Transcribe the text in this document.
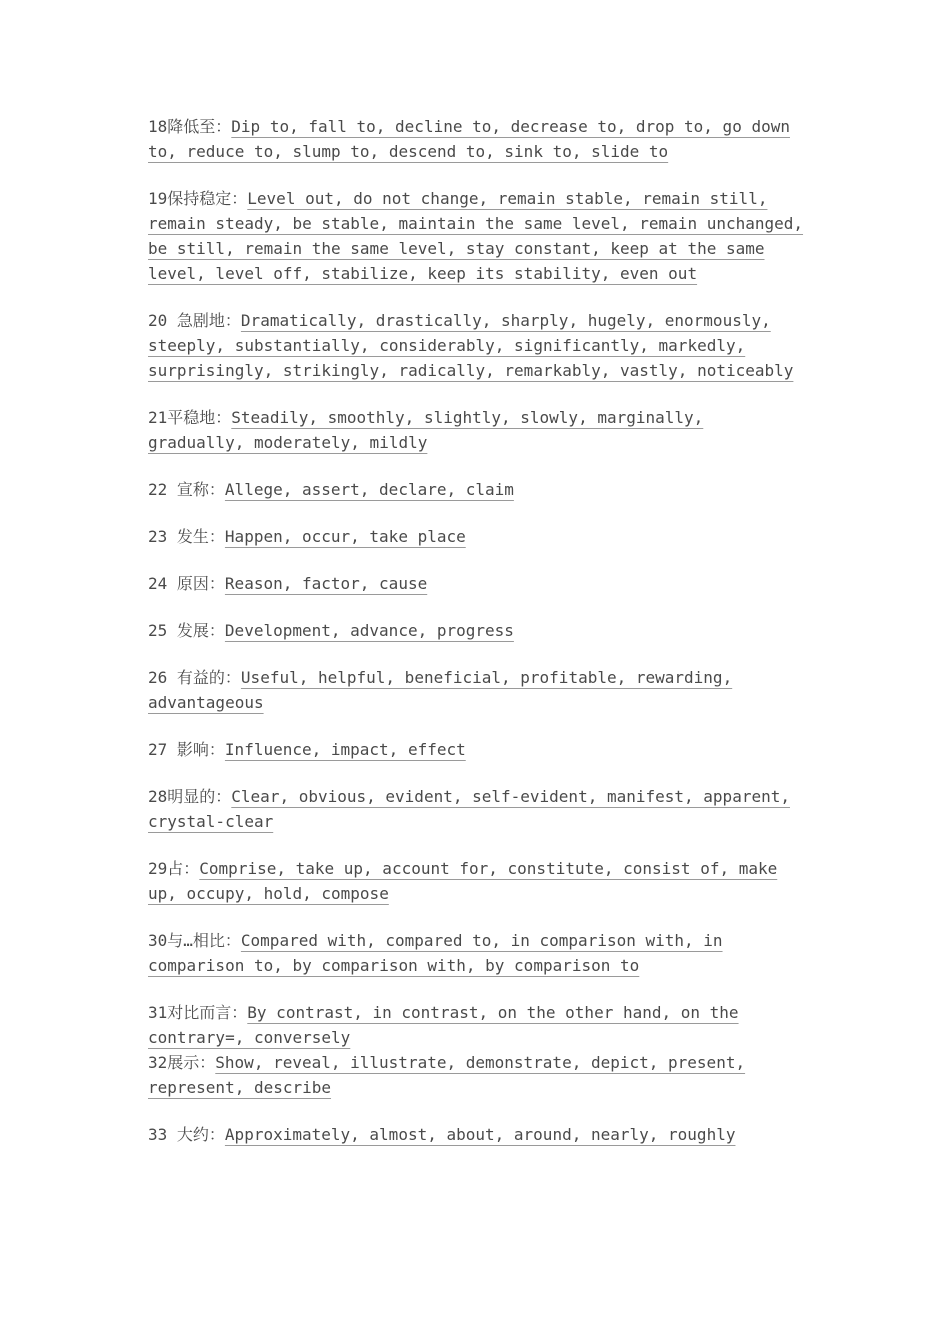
18降低至：Dip to, fall to, decline to, decrease to, drop to, go down to, reduce to, slump to, descend to, sink to, slide to
19保持稳定：Level out, do not change, remain stable, remain still, remain steady, be stable, maintain the same level, remain unchanged, be still, remain the same level, stay constant, keep at the same level, level off, stabilize, keep its stability, even out
20 急剧地：Dramatically, drastically, sharply, hugely, enormously, steeply, substantially, considerably, significantly, markedly, surprisingly, strikingly, radically, remarkably, vastly, noticeably
21平稳地：Steadily, smoothly, slightly, slowly, marginally, gradually, moderately, mildly
22 宣称：Allege, assert, declare, claim
23 发生：Happen, occur, take place
24 原因：Reason, factor, cause
25 发展：Development, advance, progress
26 有益的：Useful, helpful, beneficial, profitable, rewarding, advantageous
27 影响：Influence, impact, effect
28明显的：Clear, obvious, evident, self-evident, manifest, apparent, crystal-clear
29占：Comprise, take up, account for, constitute, consist of, make up, occupy, hold, compose
30与…相比：Compared with, compared to, in comparison with, in comparison to, by comparison with, by comparison to
31对比而言：By contrast, in contrast, on the other hand, on the contrary=, conversely
32展示：Show, reveal, illustrate, demonstrate, depict, present, represent, describe
33 大约：Approximately, almost, about, around, nearly, roughly
